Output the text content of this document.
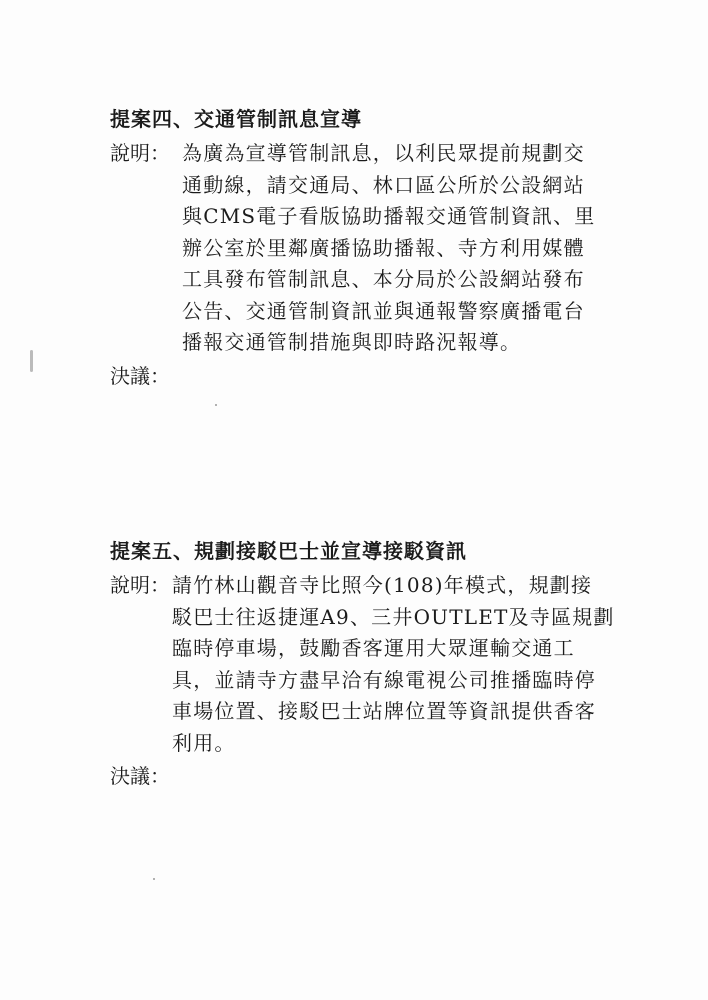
提案四、交通管制訊息宣導
說明： 為廣為宣導管制訊息，以利民眾提前規劃交
通動線，請交通局、林口區公所於公設網站
與CMS電子看版協助播報交通管制資訊、里
辦公室於里鄰廣播協助播報、寺方利用媒體
工具發布管制訊息、本分局於公設網站發布
公告、交通管制資訊並與通報警察廣播電台
播報交通管制措施與即時路況報導。
決議：
提案五、規劃接駁巴士並宣導接駁資訊
說明： 請竹林山觀音寺比照今(108)年模式，規劃接
駁巴士往返捷運A9、三井OUTLET及寺區規劃
臨時停車場，鼓勵香客運用大眾運輸交通工
具，並請寺方盡早洽有線電視公司推播臨時停
車場位置、接駁巴士站牌位置等資訊提供香客
利用。
決議：
